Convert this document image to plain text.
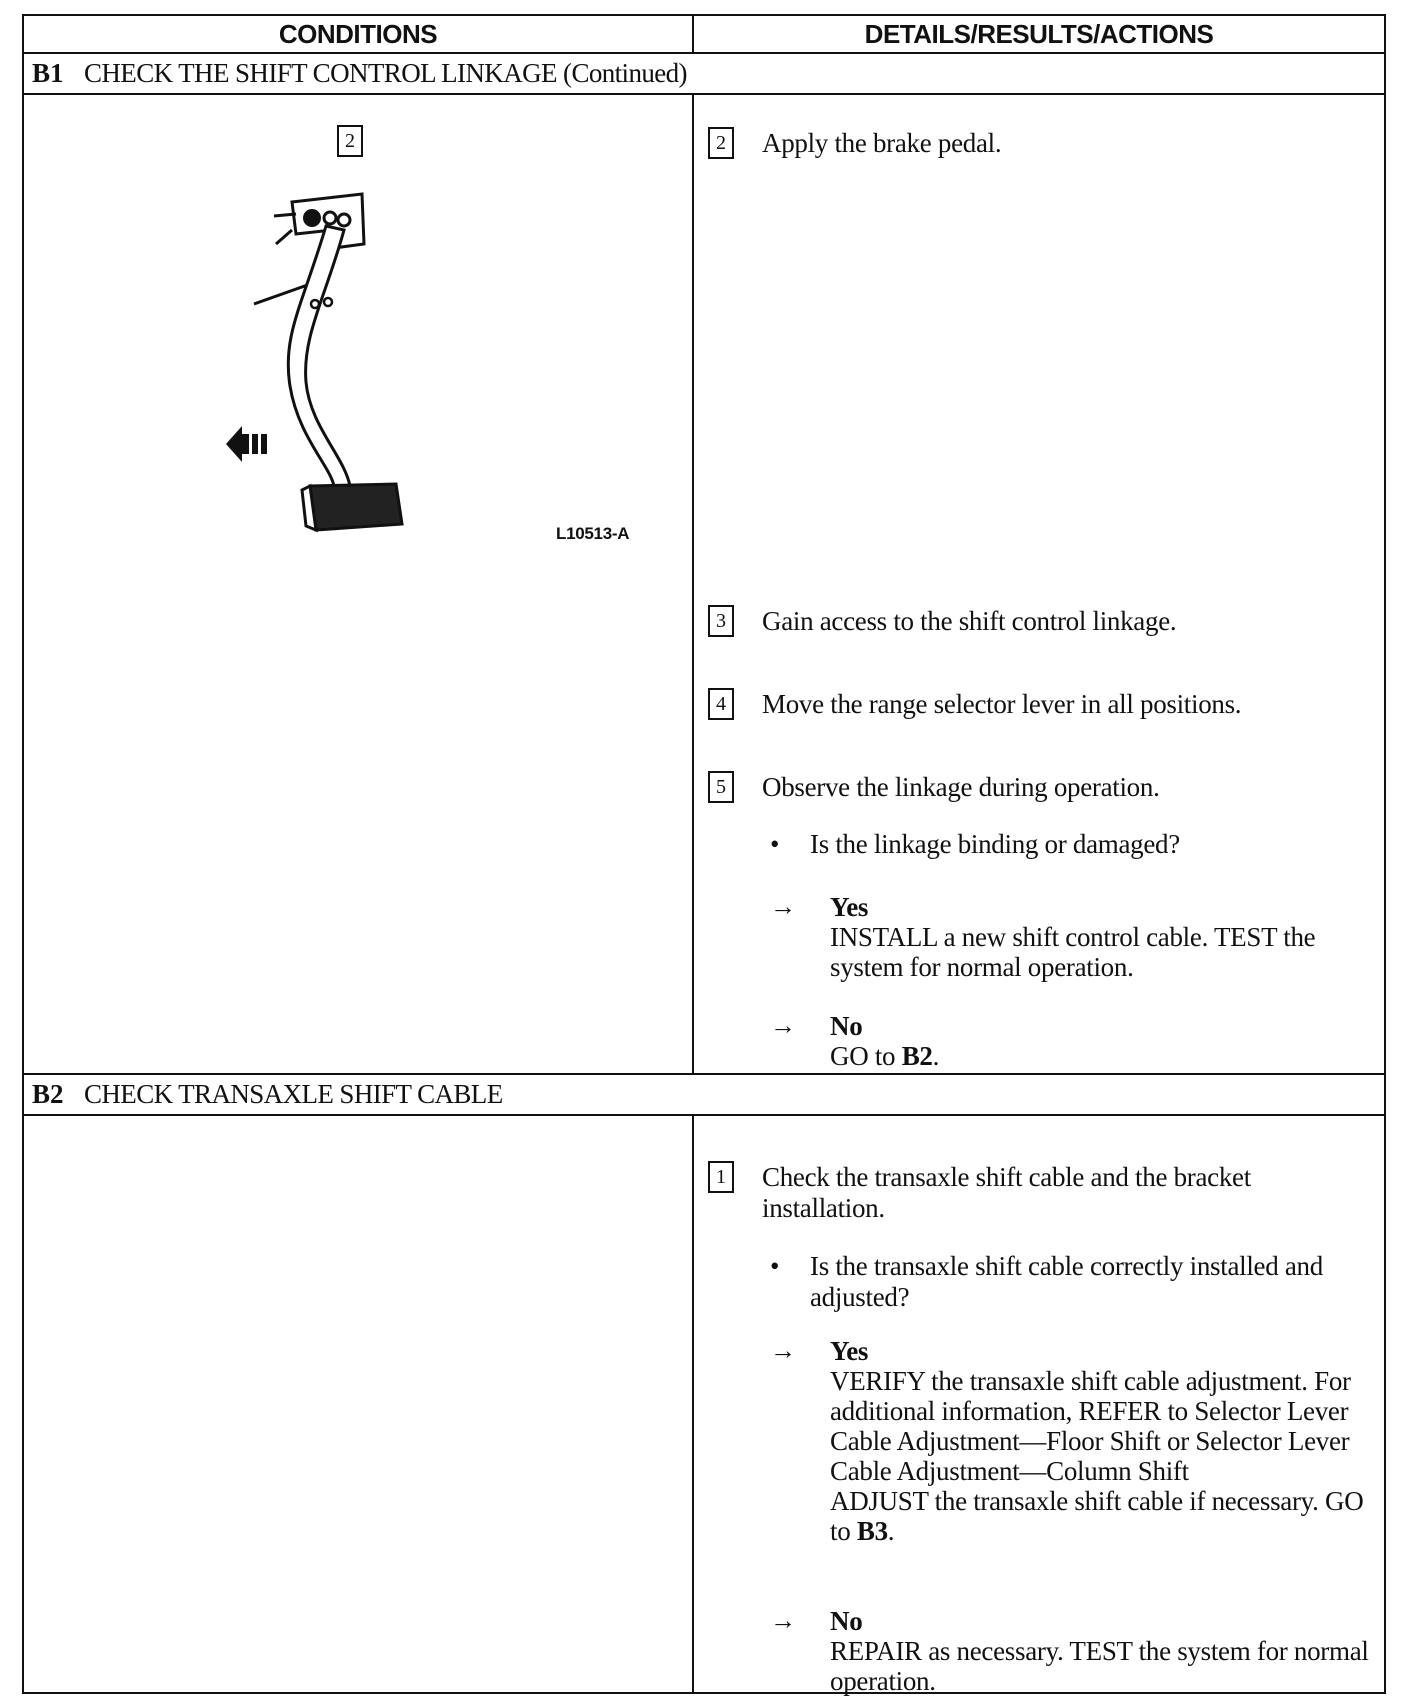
CONDITIONS	DETAILS/RESULTS/ACTIONS
B1 CHECK THE SHIFT CONTROL LINKAGE (Continued)
2
L10513-A
2 Apply the brake pedal.
3 Gain access to the shift control linkage.
4 Move the range selector lever in all positions.
5 Observe the linkage during operation.
• Is the linkage binding or damaged?
→ Yes
INSTALL a new shift control cable. TEST the system for normal operation.
→ No
GO to B2.
B2 CHECK TRANSAXLE SHIFT CABLE
1 Check the transaxle shift cable and the bracket installation.
• Is the transaxle shift cable correctly installed and adjusted?
→ Yes
VERIFY the transaxle shift cable adjustment. For additional information, REFER to Selector Lever Cable Adjustment—Floor Shift or Selector Lever Cable Adjustment—Column Shift
ADJUST the transaxle shift cable if necessary. GO to B3.
→ No
REPAIR as necessary. TEST the system for normal operation.
